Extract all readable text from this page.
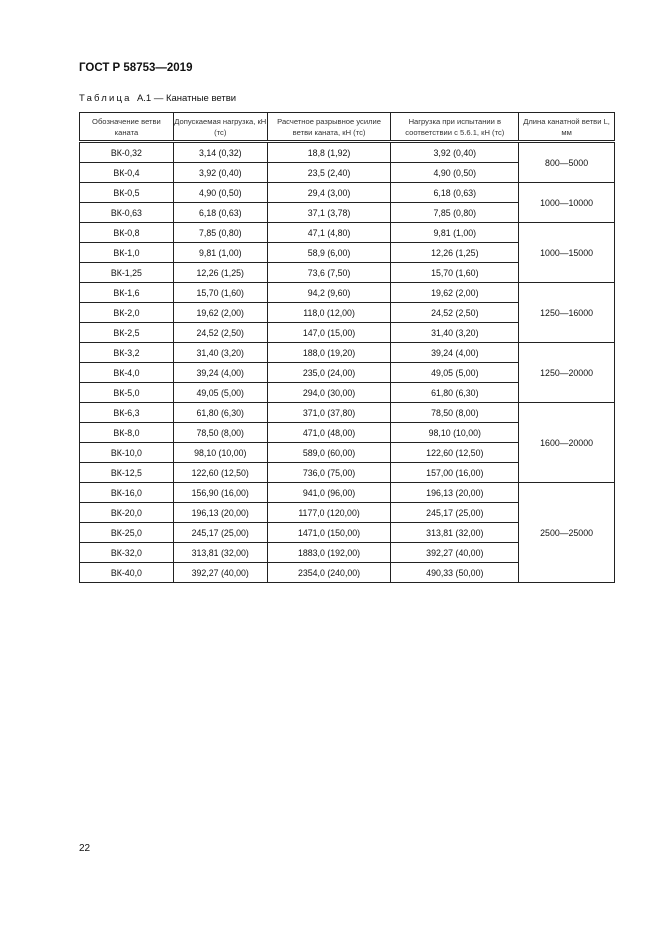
ГОСТ Р 58753—2019
Таблица А.1 — Канатные ветви
Обозначение ветви каната	Допускаемая нагрузка, кН (тс)	Расчетное разрывное усилие ветви каната, кН (тс)	Нагрузка при испытании в соответствии с 5.6.1, кН (тс)	Длина канатной ветви L, мм
ВК-0,32	3,14 (0,32)	18,8 (1,92)	3,92 (0,40)	800—5000
ВК-0,4	3,92 (0,40)	23,5 (2,40)	4,90 (0,50)	
ВК-0,5	4,90 (0,50)	29,4 (3,00)	6,18 (0,63)	1000—10000
ВК-0,63	6,18 (0,63)	37,1 (3,78)	7,85 (0,80)	
ВК-0,8	7,85 (0,80)	47,1 (4,80)	9,81 (1,00)	1000—15000
ВК-1,0	9,81 (1,00)	58,9 (6,00)	12,26 (1,25)	
ВК-1,25	12,26 (1,25)	73,6 (7,50)	15,70 (1,60)	
ВК-1,6	15,70 (1,60)	94,2 (9,60)	19,62 (2,00)	1250—16000
ВК-2,0	19,62 (2,00)	118,0 (12,00)	24,52 (2,50)	
ВК-2,5	24,52 (2,50)	147,0 (15,00)	31,40 (3,20)	
ВК-3,2	31,40 (3,20)	188,0 (19,20)	39,24 (4,00)	1250—20000
ВК-4,0	39,24 (4,00)	235,0 (24,00)	49,05 (5,00)	
ВК-5,0	49,05 (5,00)	294,0 (30,00)	61,80 (6,30)	
ВК-6,3	61,80 (6,30)	371,0 (37,80)	78,50 (8,00)	1600—20000
ВК-8,0	78,50 (8,00)	471,0 (48,00)	98,10 (10,00)	
ВК-10,0	98,10 (10,00)	589,0 (60,00)	122,60 (12,50)	
ВК-12,5	122,60 (12,50)	736,0 (75,00)	157,00 (16,00)	
ВК-16,0	156,90 (16,00)	941,0 (96,00)	196,13 (20,00)	2500—25000
ВК-20,0	196,13 (20,00)	1177,0 (120,00)	245,17 (25,00)	
ВК-25,0	245,17 (25,00)	1471,0 (150,00)	313,81 (32,00)	
ВК-32,0	313,81 (32,00)	1883,0 (192,00)	392,27 (40,00)	
ВК-40,0	392,27 (40,00)	2354,0 (240,00)	490,33 (50,00)	
22
